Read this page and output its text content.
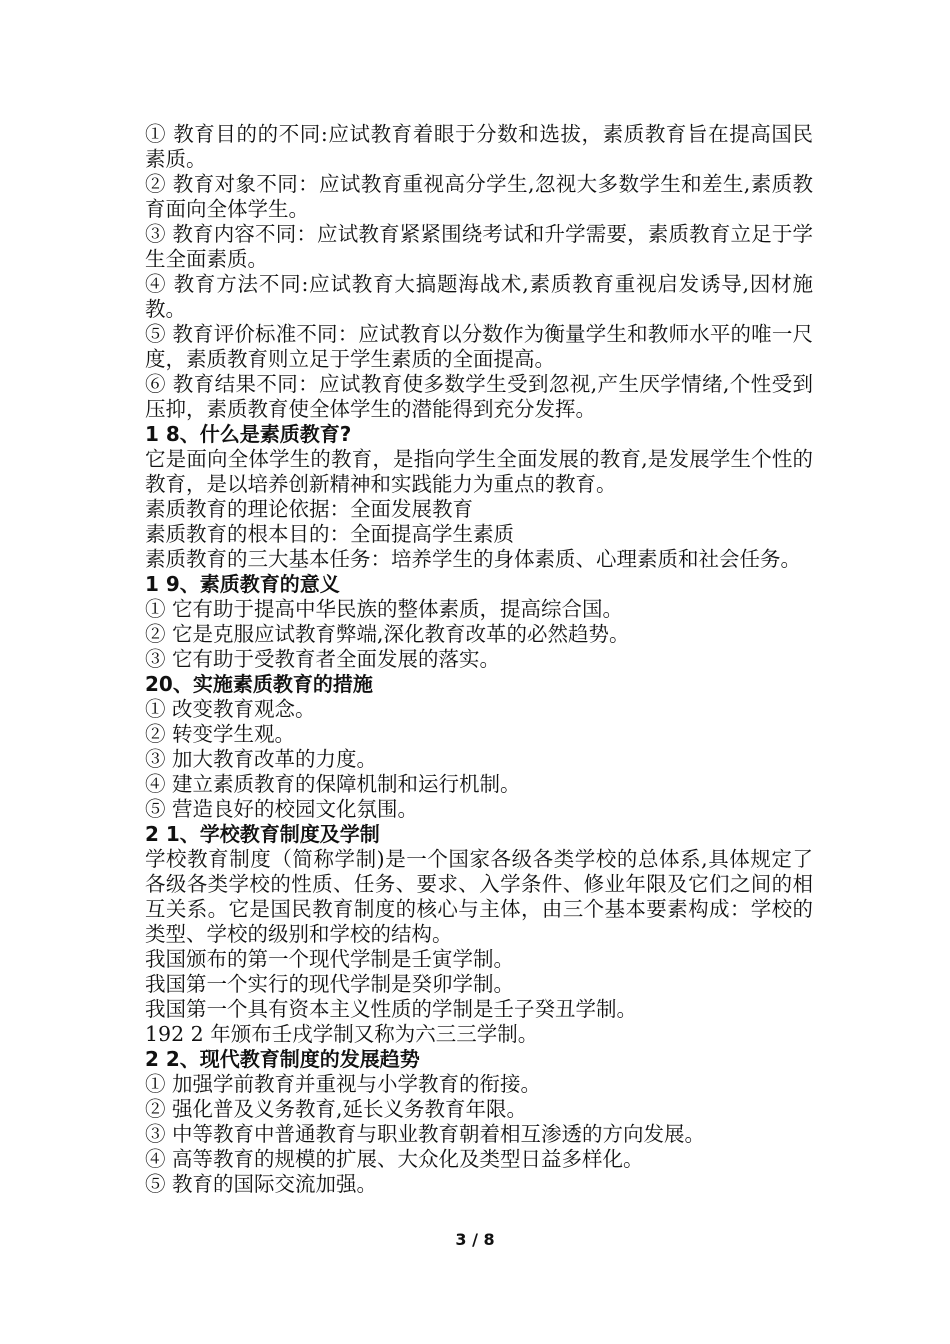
① 教育目的的不同:应试教育着眼于分数和选拔，素质教育旨在提高国民素质。

② 教育对象不同：应试教育重视高分学生,忽视大多数学生和差生,素质教育面向全体学生。

③ 教育内容不同：应试教育紧紧围绕考试和升学需要，素质教育立足于学生全面素质。

④ 教育方法不同:应试教育大搞题海战术,素质教育重视启发诱导,因材施教。

⑤ 教育评价标准不同：应试教育以分数作为衡量学生和教师水平的唯一尺度，素质教育则立足于学生素质的全面提高。

⑥ 教育结果不同：应试教育使多数学生受到忽视,产生厌学情绪,个性受到压抑，素质教育使全体学生的潜能得到充分发挥。

1 8、什么是素质教育?

它是面向全体学生的教育，是指向学生全面发展的教育,是发展学生个性的教育，是以培养创新精神和实践能力为重点的教育。

素质教育的理论依据：全面发展教育

素质教育的根本目的：全面提高学生素质

素质教育的三大基本任务：培养学生的身体素质、心理素质和社会任务。

1 9、素质教育的意义

① 它有助于提高中华民族的整体素质，提高综合国。

② 它是克服应试教育弊端,深化教育改革的必然趋势。

③ 它有助于受教育者全面发展的落实。

20、实施素质教育的措施

① 改变教育观念。

② 转变学生观。

③ 加大教育改革的力度。

④ 建立素质教育的保障机制和运行机制。

⑤ 营造良好的校园文化氛围。

2 1、学校教育制度及学制

学校教育制度（简称学制)是一个国家各级各类学校的总体系,具体规定了各级各类学校的性质、任务、要求、入学条件、修业年限及它们之间的相互关系。它是国民教育制度的核心与主体，由三个基本要素构成：学校的类型、学校的级别和学校的结构。

我国颁布的第一个现代学制是壬寅学制。

我国第一个实行的现代学制是癸卯学制。

我国第一个具有资本主义性质的学制是壬子癸丑学制。

192 2 年颁布壬戌学制又称为六三三学制。

2 2、现代教育制度的发展趋势

① 加强学前教育并重视与小学教育的衔接。

② 强化普及义务教育,延长义务教育年限。

③ 中等教育中普通教育与职业教育朝着相互渗透的方向发展。

④ 高等教育的规模的扩展、大众化及类型日益多样化。

⑤ 教育的国际交流加强。

3 / 8
